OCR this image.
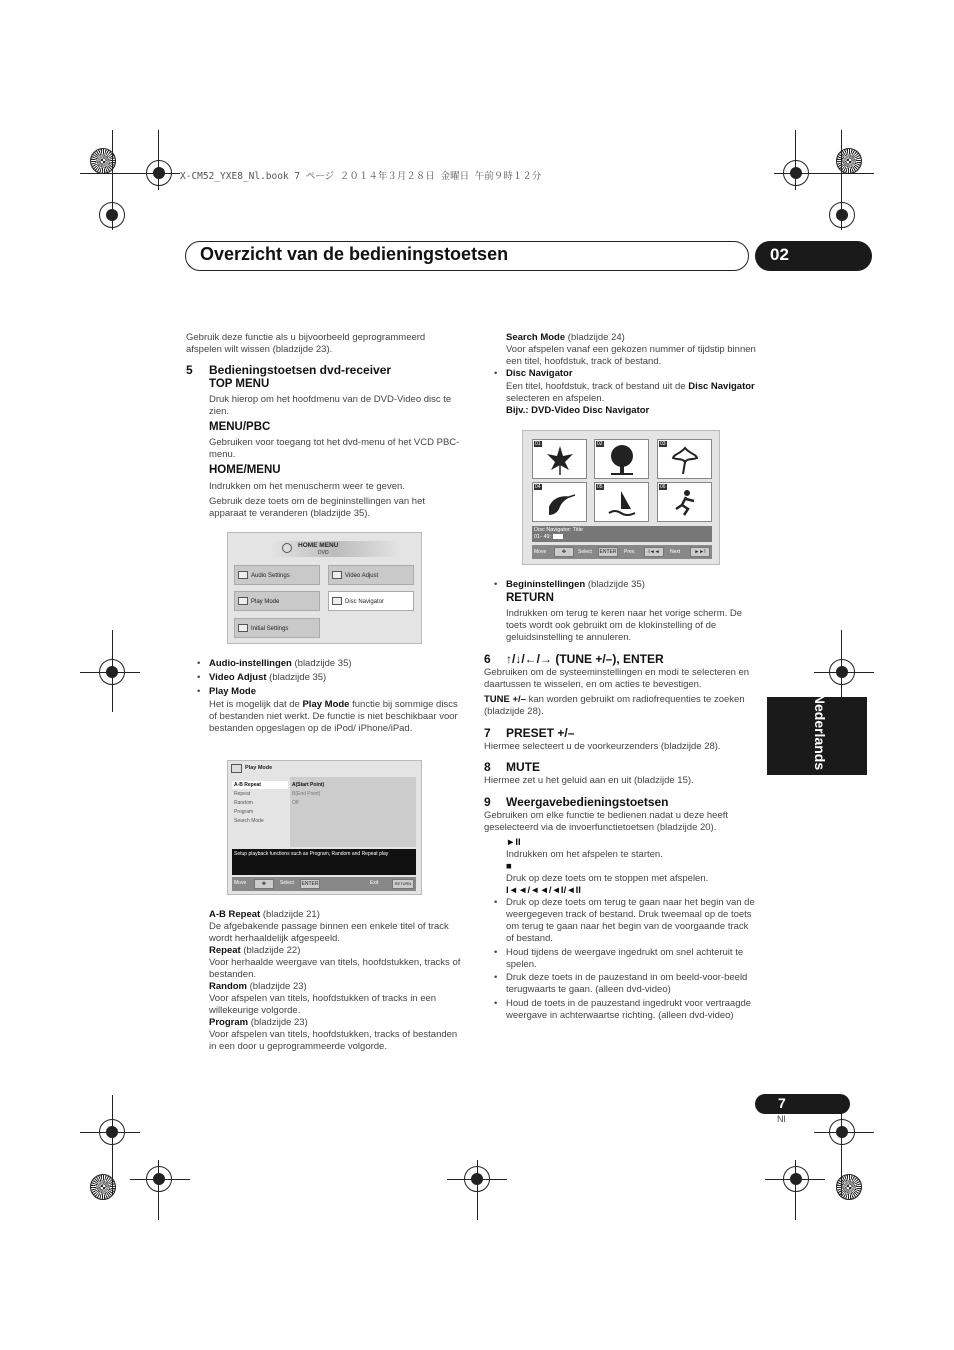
X-CM52_YXE8_Nl.book 7 ページ ２０１４年３月２８日 金曜日 午前９時１２分
Overzicht van de bedieningstoetsen	02
Nederlands
Gebruik deze functie als u bijvoorbeeld geprogrammeerd afspelen wilt wissen (bladzijde 23).
5 Bedieningstoetsen dvd-receiver
TOP MENU
Druk hierop om het hoofdmenu van de DVD-Video disc te zien.
MENU/PBC
Gebruiken voor toegang tot het dvd-menu of het VCD PBC-menu.
HOME/MENU
Indrukken om het menuscherm weer te geven.
Gebruik deze toets om de begininstellingen van het apparaat te veranderen (bladzijde 35).
HOME MENU
DVD
Audio Settings	Video Adjust
Play Mode	Disc Navigator
Initial Settings
• Audio-instellingen (bladzijde 35)
• Video Adjust (bladzijde 35)
• Play Mode
Het is mogelijk dat de Play Mode functie bij sommige discs of bestanden niet werkt. De functie is niet beschikbaar voor bestanden opgeslagen op de iPod/ iPhone/iPad.
Play Mode
A-B Repeat
Repeat
Random
Program
Search Mode
A(Start Point)
B(End Point)
Off
Setup playback functions such as Program, Random and Repeat play
Move	✥	Select	ENTER	Exit	RETURN
A-B Repeat (bladzijde 21)
De afgebakende passage binnen een enkele titel of track wordt herhaaldelijk afgespeeld.
Repeat (bladzijde 22)
Voor herhaalde weergave van titels, hoofdstukken, tracks of bestanden.
Random (bladzijde 23)
Voor afspelen van titels, hoofdstukken of tracks in een willekeurige volgorde.
Program (bladzijde 23)
Voor afspelen van titels, hoofdstukken, tracks of bestanden in een door u geprogrammeerde volgorde.
Search Mode (bladzijde 24)
Voor afspelen vanaf een gekozen nummer of tijdstip binnen een titel, hoofdstuk, track of bestand.
• Disc Navigator
Een titel, hoofdstuk, track of bestand uit de Disc Navigator selecteren en afspelen.
Bijv.: DVD-Video Disc Navigator
01	02	03
04	05	06
Disc Navigator: Title
01- 49:
Move	✥	Select	ENTER	Prev.	I◄◄	Next	►►I
• Begininstellingen (bladzijde 35)
RETURN
Indrukken om terug te keren naar het vorige scherm. De toets wordt ook gebruikt om de klokinstelling of de geluidsinstelling te annuleren.
6 ↑/↓/←/→ (TUNE +/–), ENTER
Gebruiken om de systeeminstellingen en modi te selecteren en daartussen te wisselen, en om acties te bevestigen.
TUNE +/– kan worden gebruikt om radiofrequenties te zoeken (bladzijde 28).
7 PRESET +/–
Hiermee selecteert u de voorkeurzenders (bladzijde 28).
8 MUTE
Hiermee zet u het geluid aan en uit (bladzijde 15).
9 Weergavebedieningstoetsen
Gebruiken om elke functie te bedienen nadat u deze heeft geselecteerd via de invoerfunctietoetsen (bladzijde 20).
►II
Indrukken om het afspelen te starten.
■
Druk op deze toets om te stoppen met afspelen.
I◄◄/◄◄/◄I/◄II
• Druk op deze toets om terug te gaan naar het begin van de weergegeven track of bestand. Druk tweemaal op de toets om terug te gaan naar het begin van de voorgaande track of bestand.
• Houd tijdens de weergave ingedrukt om snel achteruit te spelen.
• Druk deze toets in de pauzestand in om beeld-voor-beeld terugwaarts te gaan. (alleen dvd-video)
• Houd de toets in de pauzestand ingedrukt voor vertraagde weergave in achterwaartse richting. (alleen dvd-video)
7
Nl
